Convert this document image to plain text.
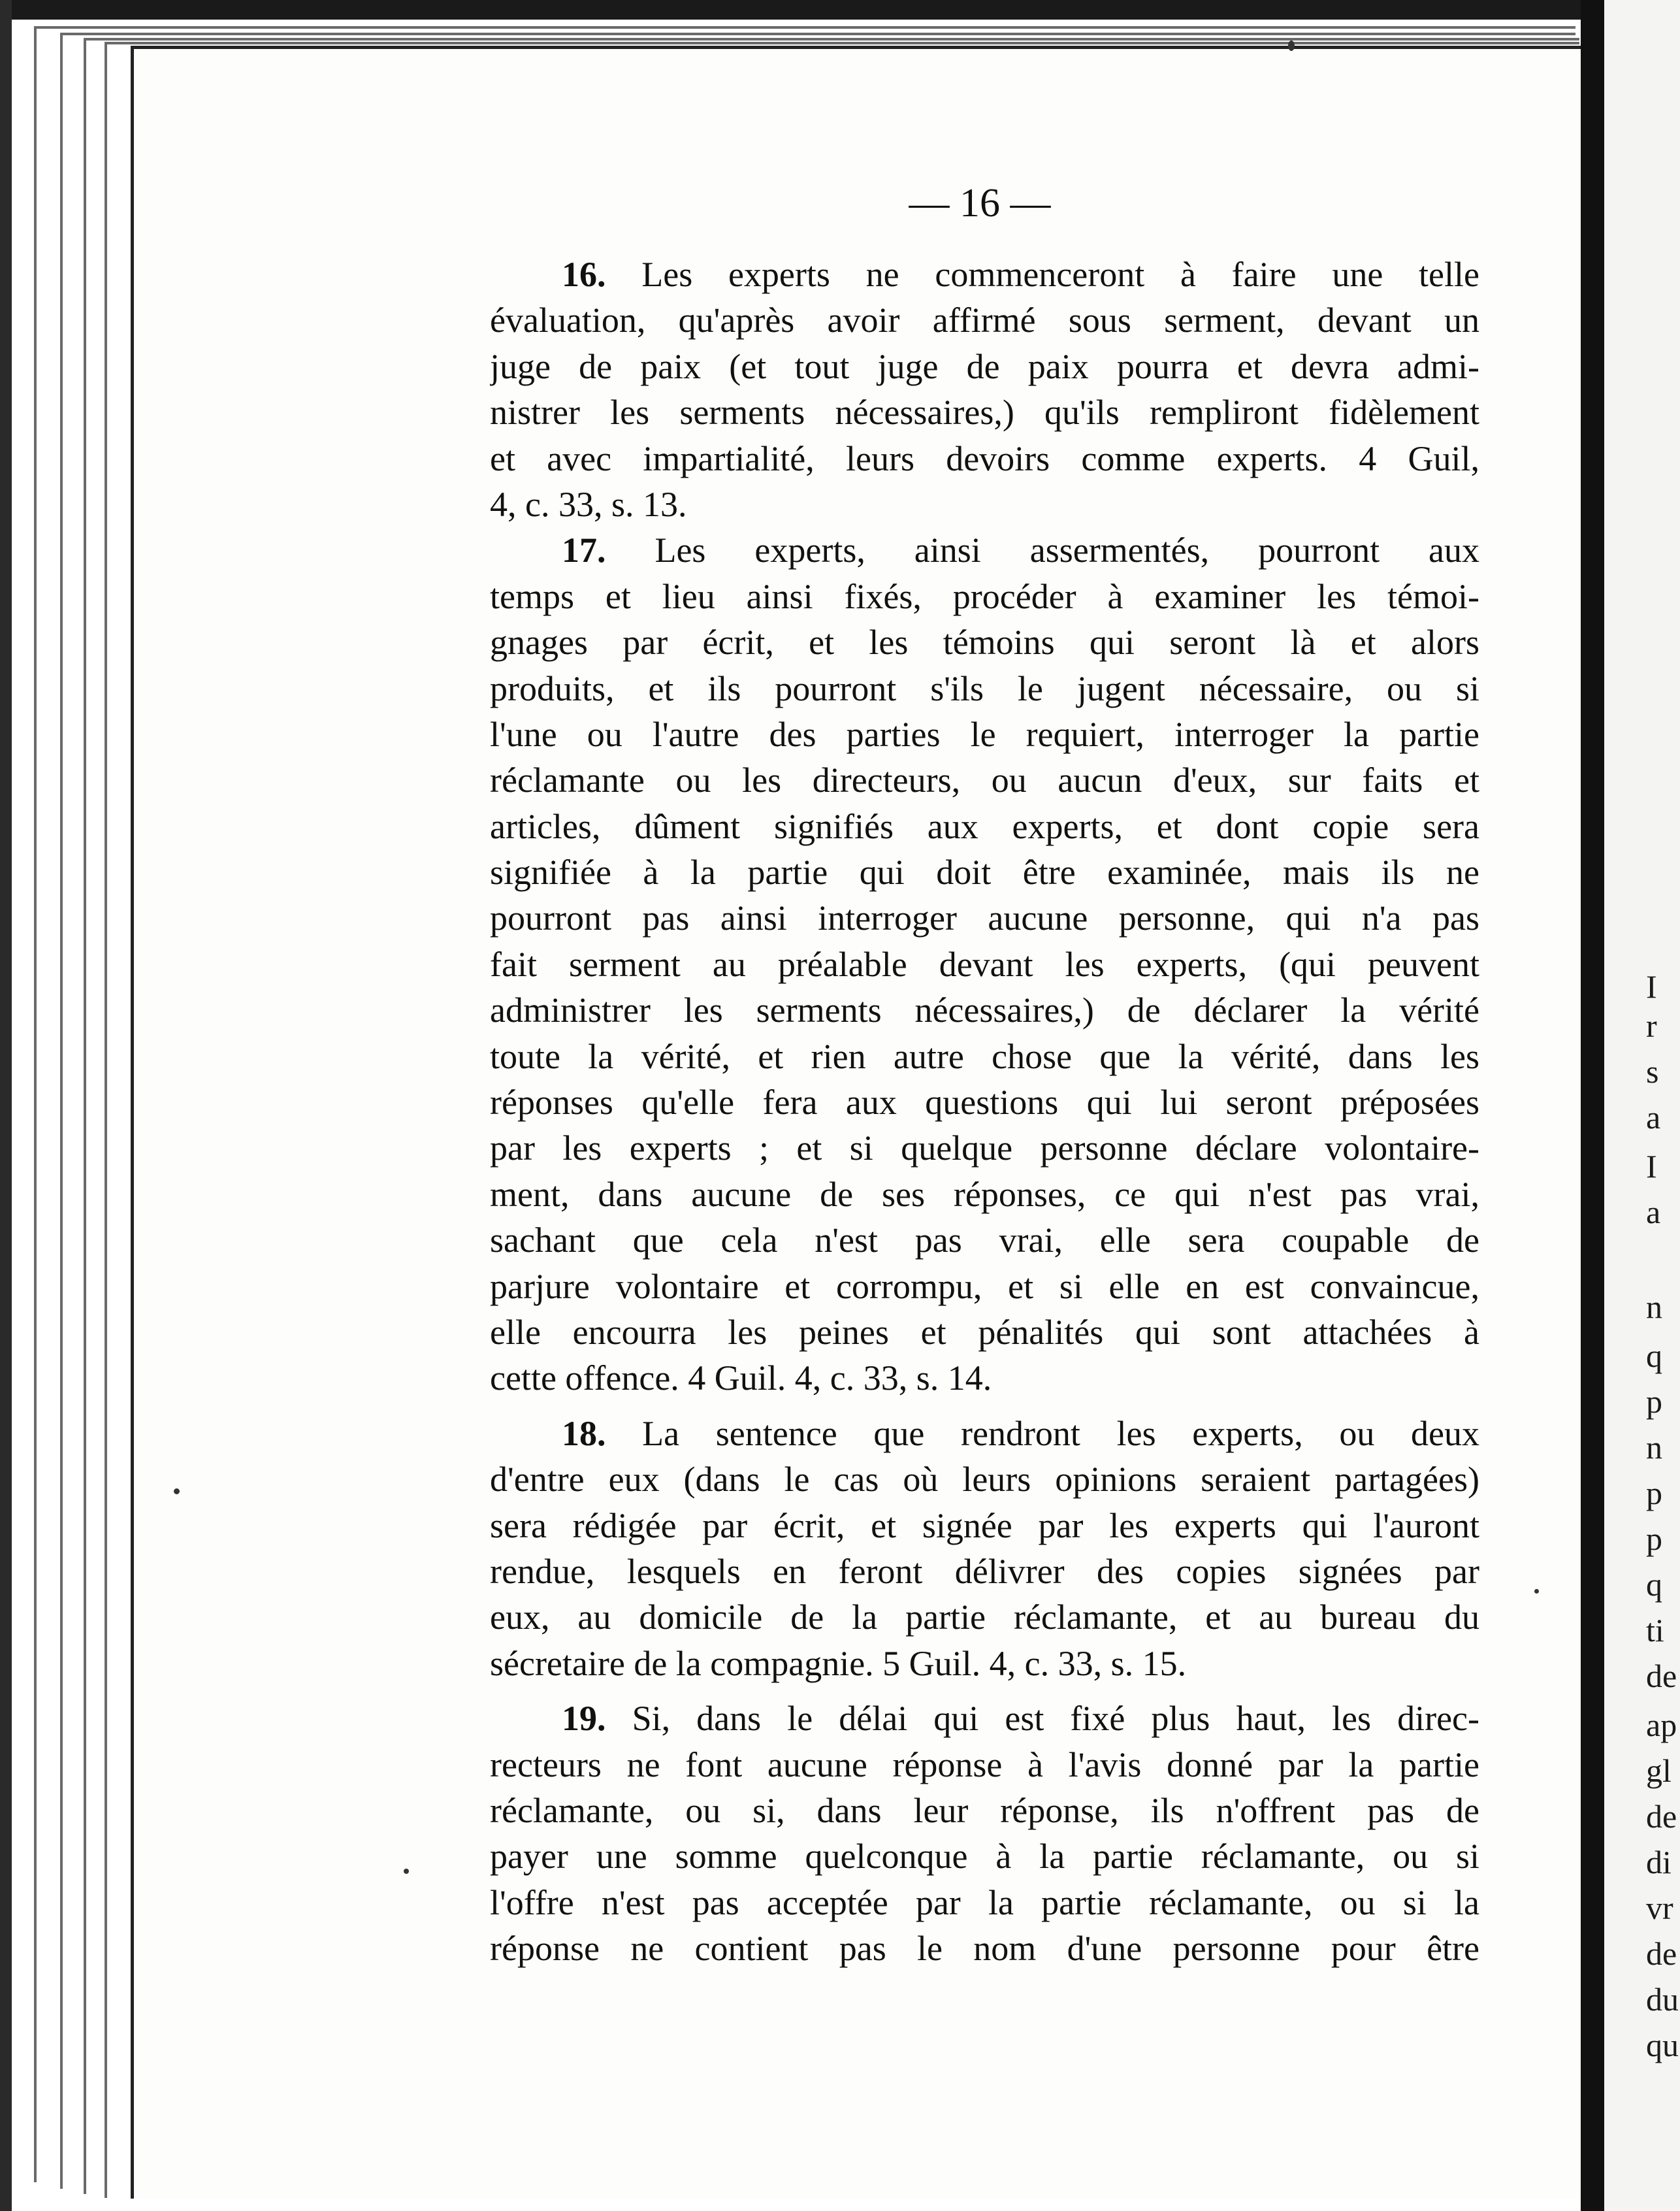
I
r
s
a
I
a
n
q
p
n
p
p
q
ti
de
ap
gl
de
di
vr
de
du
qu
— 16 —
16. Les experts ne commenceront à faire une telle
évaluation, qu'après avoir affirmé sous serment, devant un
juge de paix (et tout juge de paix pourra et devra admi-
nistrer les serments nécessaires,) qu'ils rempliront fidèlement
et avec impartialité, leurs devoirs comme experts. 4 Guil,
4, c. 33, s. 13.
17. Les experts, ainsi assermentés, pourront aux
temps et lieu ainsi fixés, procéder à examiner les témoi-
gnages par écrit, et les témoins qui seront là et alors
produits, et ils pourront s'ils le jugent nécessaire, ou si
l'une ou l'autre des parties le requiert, interroger la partie
réclamante ou les directeurs, ou aucun d'eux, sur faits et
articles, dûment signifiés aux experts, et dont copie sera
signifiée à la partie qui doit être examinée, mais ils ne
pourront pas ainsi interroger aucune personne, qui n'a pas
fait serment au préalable devant les experts, (qui peuvent
administrer les serments nécessaires,) de déclarer la vérité
toute la vérité, et rien autre chose que la vérité, dans les
réponses qu'elle fera aux questions qui lui seront préposées
par les experts ; et si quelque personne déclare volontaire-
ment, dans aucune de ses réponses, ce qui n'est pas vrai,
sachant que cela n'est pas vrai, elle sera coupable de
parjure volontaire et corrompu, et si elle en est convaincue,
elle encourra les peines et pénalités qui sont attachées à
cette offence. 4 Guil. 4, c. 33, s. 14.
18. La sentence que rendront les experts, ou deux
d'entre eux (dans le cas où leurs opinions seraient partagées)
sera rédigée par écrit, et signée par les experts qui l'auront
rendue, lesquels en feront délivrer des copies signées par
eux, au domicile de la partie réclamante, et au bureau du
sécretaire de la compagnie. 5 Guil. 4, c. 33, s. 15.
19. Si, dans le délai qui est fixé plus haut, les direc-
recteurs ne font aucune réponse à l'avis donné par la partie
réclamante, ou si, dans leur réponse, ils n'offrent pas de
payer une somme quelconque à la partie réclamante, ou si
l'offre n'est pas acceptée par la partie réclamante, ou si la
réponse ne contient pas le nom d'une personne pour être
